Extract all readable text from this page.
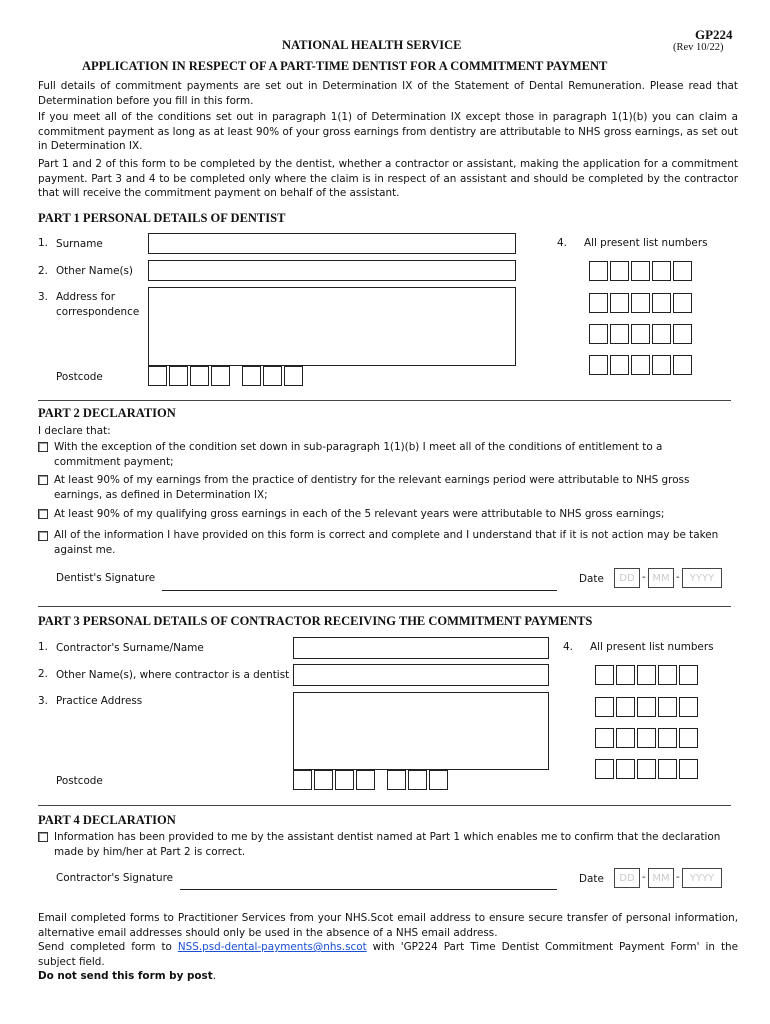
GP224
(Rev 10/22)
NATIONAL HEALTH SERVICE
APPLICATION IN RESPECT OF A PART-TIME DENTIST FOR A COMMITMENT PAYMENT
Full details of commitment payments are set out in Determination IX of the Statement of Dental Remuneration. Please read that Determination before you fill in this form.
If you meet all of the conditions set out in paragraph 1(1) of Determination IX except those in paragraph 1(1)(b) you can claim a commitment payment as long as at least 90% of your gross earnings from dentistry are attributable to NHS gross earnings, as set out in Determination IX.
Part 1 and 2 of this form to be completed by the dentist, whether a contractor or assistant, making the application for a commitment payment. Part 3 and 4 to be completed only where the claim is in respect of an assistant and should be completed by the contractor that will receive the commitment payment on behalf of the assistant.
PART 1 PERSONAL DETAILS OF DENTIST
1. Surname
2. Other Name(s)
3. Address for
correspondence
Postcode
4. All present list numbers
PART 2 DECLARATION
I declare that:
With the exception of the condition set down in sub-paragraph 1(1)(b) I meet all of the conditions of entitlement to a commitment payment;
At least 90% of my earnings from the practice of dentistry for the relevant earnings period were attributable to NHS gross earnings, as defined in Determination IX;
At least 90% of my qualifying gross earnings in each of the 5 relevant years were attributable to NHS gross earnings;
All of the information I have provided on this form is correct and complete and I understand that if it is not action may be taken against me.
Dentist's Signature	Date	DD - MM -	YYYY
PART 3 PERSONAL DETAILS OF CONTRACTOR RECEIVING THE COMMITMENT PAYMENTS
1. Contractor's Surname/Name
2. Other Name(s), where contractor is a dentist
3. Practice Address
Postcode
4. All present list numbers
PART 4 DECLARATION
Information has been provided to me by the assistant dentist named at Part 1 which enables me to confirm that the declaration made by him/her at Part 2 is correct.
Contractor's Signature	Date	DD - MM -	YYYY
Email completed forms to Practitioner Services from your NHS.Scot email address to ensure secure transfer of personal information, alternative email addresses should only be used in the absence of a NHS email address.
Send completed form to NSS.psd-dental-payments@nhs.scot with 'GP224 Part Time Dentist Commitment Payment Form' in the subject field.
Do not send this form by post.
